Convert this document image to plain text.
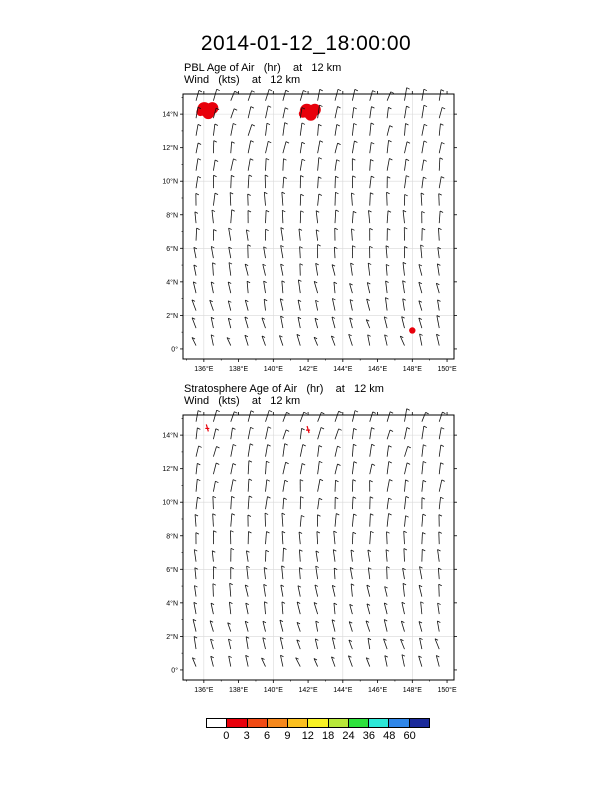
2014-01-12_18:00:00
PBL Age of Air (hr) at   12 km
Wind (kts) at   12 km
136°E 138°E 140°E 142°E 144°E 146°E 148°E 150°E
0°
2°N
4°N
6°N
8°N
10°N
12°N
14°N
Stratosphere Age of Air (hr) at   12 km
Wind (kts) at   12 km
136°E 138°E 140°E 142°E 144°E 146°E 148°E 150°E
0°
2°N
4°N
6°N
8°N
10°N
12°N
14°N
0	3	6	9	12 18 24 36 48 60
